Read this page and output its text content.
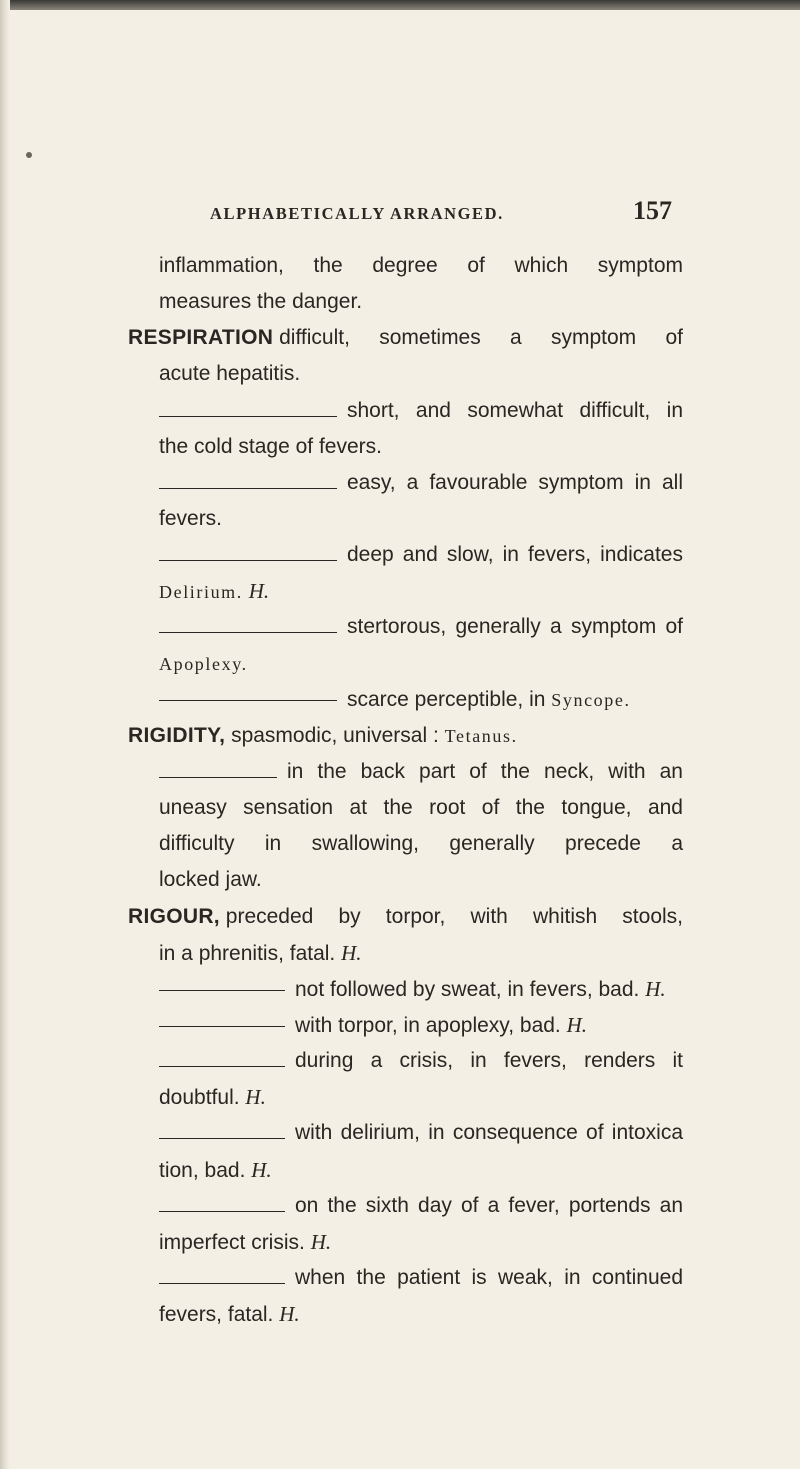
ALPHABETICALLY ARRANGED.	157
inflammation, the degree of which symptom
measures the danger.
RESPIRATION
difficult, sometimes a symptom of
acute hepatitis.
short, and somewhat difficult, in
the cold stage of fevers.
easy, a favourable symptom in all
fevers.
deep and slow, in fevers, indicates
Delirium. H.
stertorous, generally a symptom of
Apoplexy.
scarce perceptible, in Syncope.
RIGIDITY, spasmodic, universal : Tetanus.
in the back part of the neck, with an
uneasy sensation at the root of the tongue, and
difficulty in swallowing, generally precede a
locked jaw.
RIGOUR,
preceded by torpor, with whitish stools,
in a phrenitis, fatal. H.
not followed by sweat, in fevers, bad. H.
with torpor, in apoplexy, bad. H.
during a crisis, in fevers, renders it
doubtful. H.
with delirium, in consequence of intoxica
tion, bad. H.
on the sixth day of a fever, portends an
imperfect crisis. H.
when the patient is weak, in continued
fevers, fatal. H.
